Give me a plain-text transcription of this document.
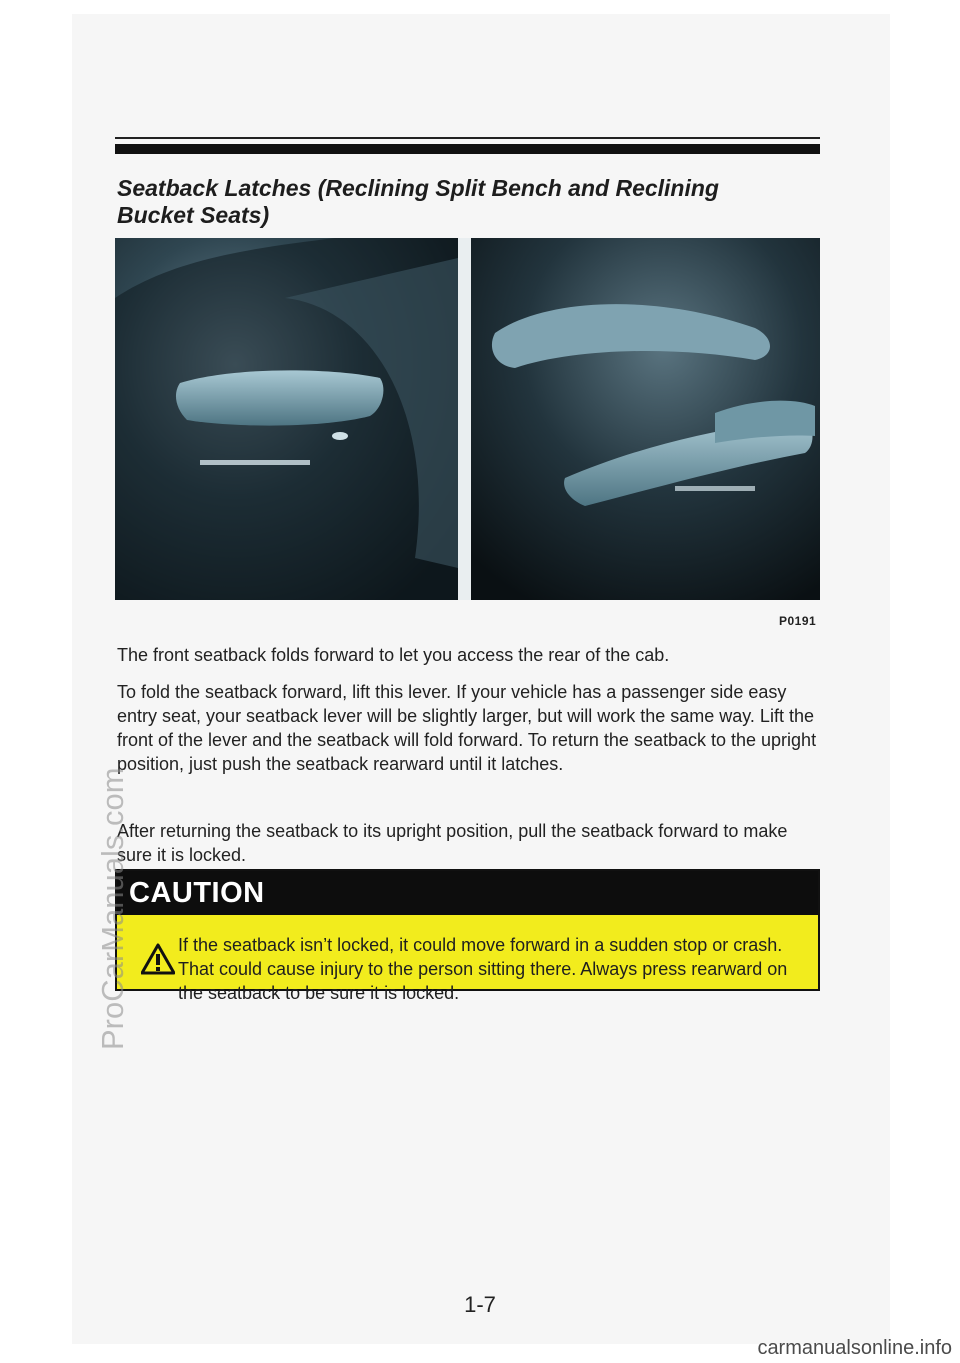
Seatback Latches (Reclining Split Bench and Reclining Bucket Seats)
P0191

The front seatback folds forward to let you access the rear of the cab.

To fold the seatback forward, lift this lever. If your vehicle has a passenger side easy entry seat, your seatback lever will be slightly larger, but will work the same way. Lift the front of the lever and the seatback will fold forward. To return the seatback to the upright position, just push the seatback rearward until it latches.

After returning the seatback to its upright position, pull the seatback forward to make sure it is locked.

CAUTION

If the seatback isn’t locked, it could move forward in a sudden stop or crash. That could cause injury to the person sitting there. Always press rearward on the seatback to be sure it is locked.

1-7
ProCarManuals.com
carmanualsonline.info
